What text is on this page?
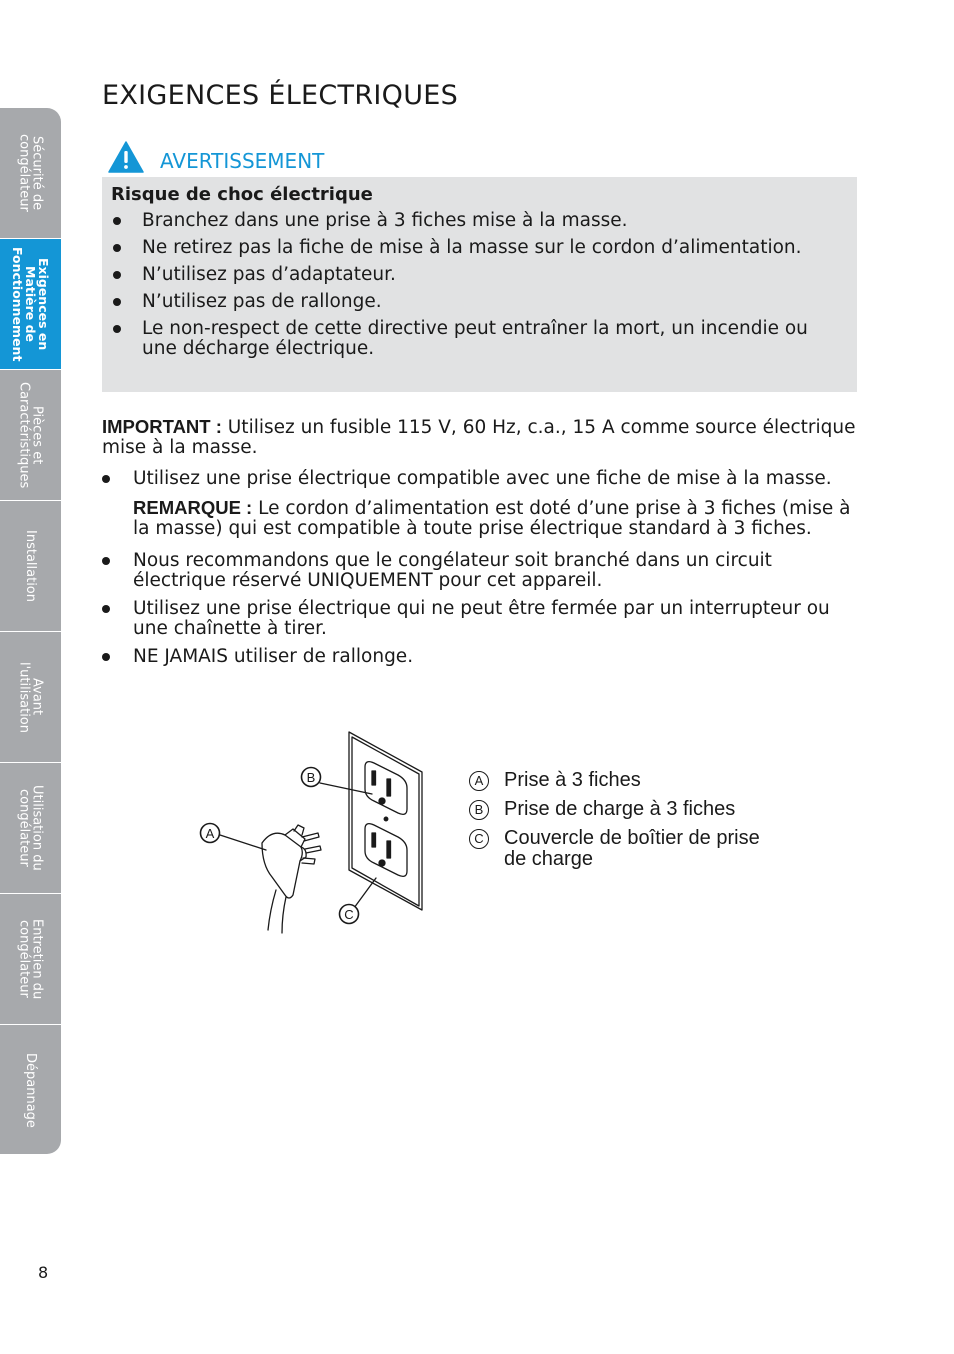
Sécurité de
congélateur
Exigences en
Matière de
Fonctionnement
Pièces et
Caractéristiques
Installation
Avant
l'utilisation
Utilisation du
congélateur
Entretien du
congélateur
Dépannage
EXIGENCES ÉLECTRIQUES
AVERTISSEMENT

Risque de choc électrique

Branchez dans une prise à 3 fiches mise à la masse.
Ne retirez pas la fiche de mise à la masse sur le cordon d’alimentation.
N’utilisez pas d’adaptateur.
N’utilisez pas de rallonge.
Le non-respect de cette directive peut entraîner la mort, un incendie ou une décharge électrique.

IMPORTANT : Utilisez un fusible 115 V, 60 Hz, c.a., 15 A comme source électrique mise à la masse.

Utilisez une prise électrique compatible avec une fiche de mise à la masse.
REMARQUE : Le cordon d’alimentation est doté d’une prise à 3 fiches (mise à la masse) qui est compatible à toute prise électrique standard à 3 fiches.
Nous recommandons que le congélateur soit branché dans un circuit électrique réservé UNIQUEMENT pour cet appareil.
Utilisez une prise électrique qui ne peut être fermée par un interrupteur ou une chaînette à tirer.
NE JAMAIS utiliser de rallonge.
B
A
C
A Prise à 3 fiches
B Prise de charge à 3 fiches
C Couvercle de boîtier de prise de charge
8
